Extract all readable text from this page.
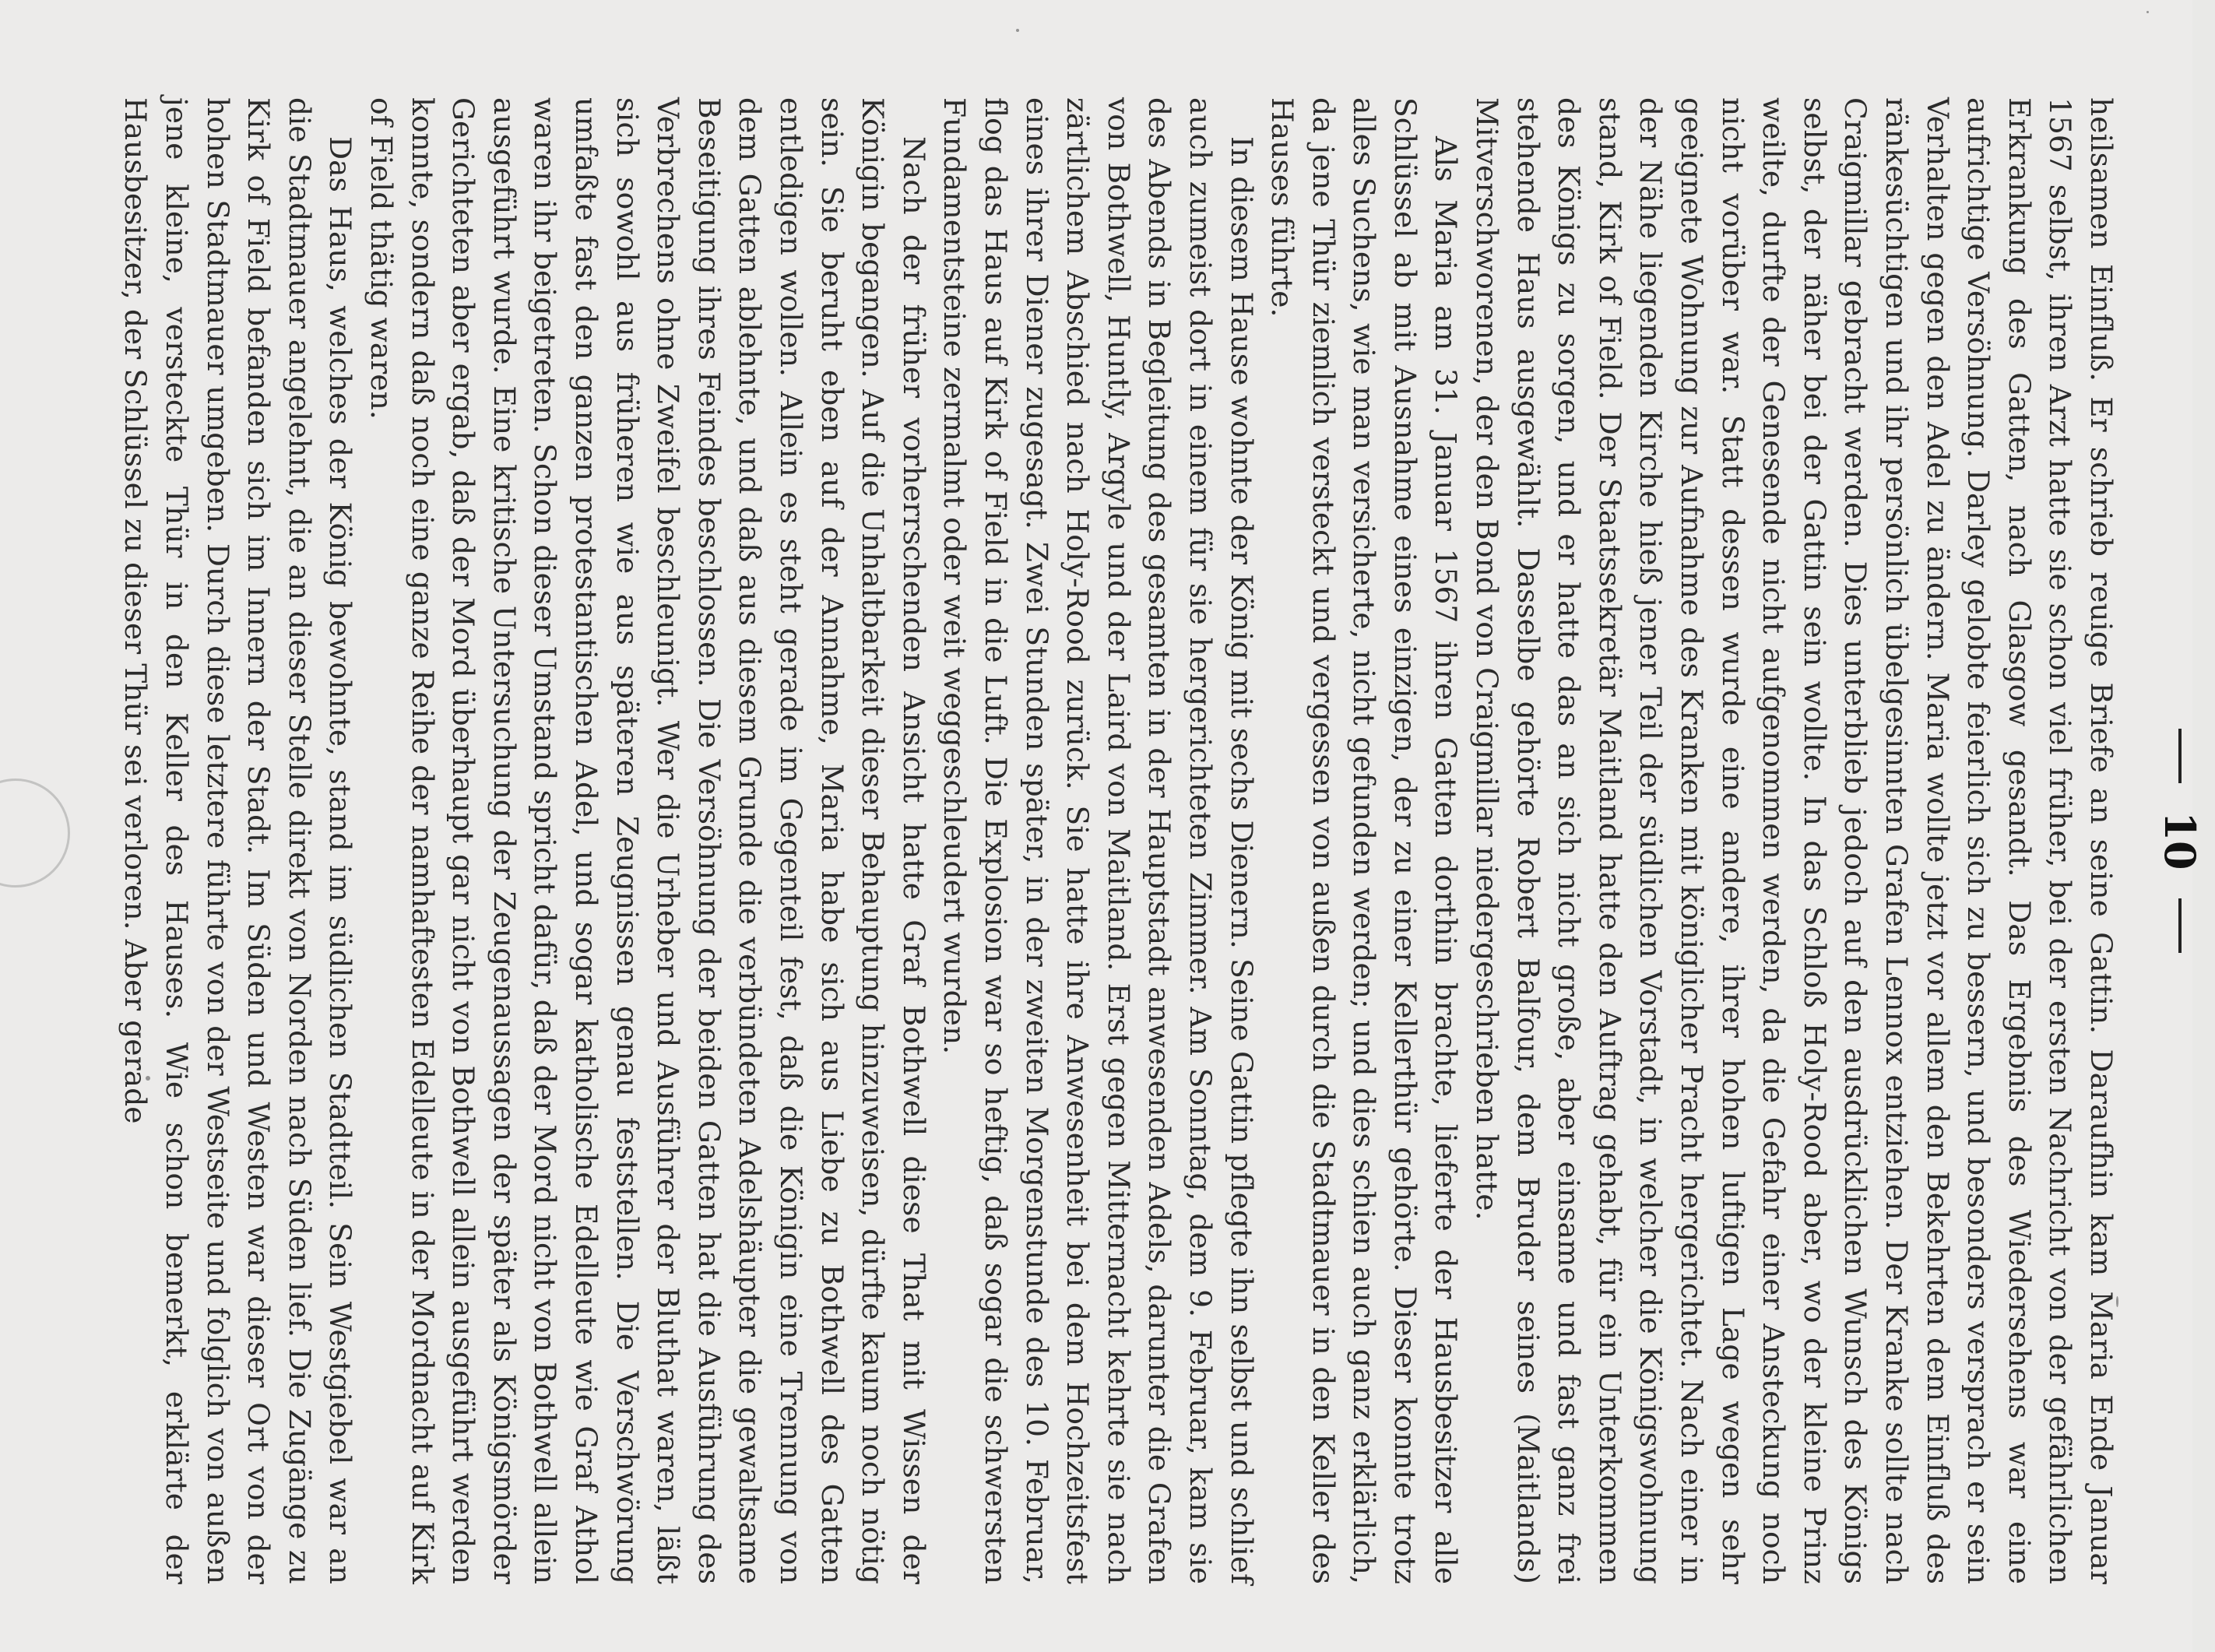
10

heilsamen Einfluß. Er schrieb reuige Briefe an seine Gattin. Daraufhin kam Maria Ende Januar 1567 selbst, ihren Arzt hatte sie schon viel früher, bei der ersten Nachricht von der gefährlichen Erkrankung des Gatten, nach Glasgow gesandt. Das Ergebnis des Wiedersehens war eine aufrichtige Versöhnung. Darley gelobte feierlich sich zu bessern, und besonders versprach er sein Verhalten gegen den Adel zu ändern. Maria wollte jetzt vor allem den Bekehrten dem Einfluß des ränkesüchtigen und ihr persönlich übelgesinnten Grafen Lennox entziehen. Der Kranke sollte nach Craigmillar gebracht werden. Dies unterblieb jedoch auf den ausdrücklichen Wunsch des Königs selbst, der näher bei der Gattin sein wollte. In das Schloß Holy-Rood aber, wo der kleine Prinz weilte, durfte der Genesende nicht aufgenommen werden, da die Gefahr einer Ansteckung noch nicht vorüber war. Statt dessen wurde eine andere, ihrer hohen luftigen Lage wegen sehr geeignete Wohnung zur Aufnahme des Kranken mit königlicher Pracht hergerichtet. Nach einer in der Nähe liegenden Kirche hieß jener Teil der südlichen Vorstadt, in welcher die Königswohnung stand, Kirk of Field. Der Staatssekretär Maitland hatte den Auftrag gehabt, für ein Unterkommen des Königs zu sorgen, und er hatte das an sich nicht große, aber einsame und fast ganz frei stehende Haus ausgewählt. Dasselbe gehörte Robert Balfour, dem Bruder seines (Maitlands) Mitverschworenen, der den Bond von Craigmillar niedergeschrieben hatte.

Als Maria am 31. Januar 1567 ihren Gatten dorthin brachte, lieferte der Hausbesitzer alle Schlüssel ab mit Ausnahme eines einzigen, der zu einer Kellerthür gehörte. Dieser konnte trotz alles Suchens, wie man versicherte, nicht gefunden werden; und dies schien auch ganz erklärlich, da jene Thür ziemlich versteckt und vergessen von außen durch die Stadtmauer in den Keller des Hauses führte.

In diesem Hause wohnte der König mit sechs Dienern. Seine Gattin pflegte ihn selbst und schlief auch zumeist dort in einem für sie hergerichteten Zimmer. Am Sonntag, dem 9. Februar, kam sie des Abends in Begleitung des gesamten in der Hauptstadt anwesenden Adels, darunter die Grafen von Bothwell, Huntly, Argyle und der Laird von Maitland. Erst gegen Mitternacht kehrte sie nach zärtlichem Abschied nach Holy-Rood zurück. Sie hatte ihre Anwesenheit bei dem Hochzeitsfest eines ihrer Diener zugesagt. Zwei Stunden später, in der zweiten Morgenstunde des 10. Februar, flog das Haus auf Kirk of Field in die Luft. Die Explosion war so heftig, daß sogar die schwersten Fundamentsteine zermalmt oder weit weggeschleudert wurden.

Nach der früher vorherrschenden Ansicht hatte Graf Bothwell diese That mit Wissen der Königin begangen. Auf die Unhaltbarkeit dieser Behauptung hinzuweisen, dürfte kaum noch nötig sein. Sie beruht eben auf der Annahme, Maria habe sich aus Liebe zu Bothwell des Gatten entledigen wollen. Allein es steht gerade im Gegenteil fest, daß die Königin eine Trennung von dem Gatten ablehnte, und daß aus diesem Grunde die verbündeten Adelshäupter die gewaltsame Beseitigung ihres Feindes beschlossen. Die Versöhnung der beiden Gatten hat die Ausführung des Verbrechens ohne Zweifel beschleunigt. Wer die Urheber und Ausführer der Bluthat waren, läßt sich sowohl aus früheren wie aus späteren Zeugnissen genau feststellen. Die Verschwörung umfaßte fast den ganzen protestantischen Adel, und sogar katholische Edelleute wie Graf Athol waren ihr beigetreten. Schon dieser Umstand spricht dafür, daß der Mord nicht von Bothwell allein ausgeführt wurde. Eine kritische Untersuchung der Zeugenaussagen der später als Königsmörder Gerichteten aber ergab, daß der Mord überhaupt gar nicht von Bothwell allein ausgeführt werden konnte, sondern daß noch eine ganze Reihe der namhaftesten Edelleute in der Mordnacht auf Kirk of Field thätig waren.

Das Haus, welches der König bewohnte, stand im südlichen Stadtteil. Sein Westgiebel war an die Stadtmauer angelehnt, die an dieser Stelle direkt von Norden nach Süden lief. Die Zugänge zu Kirk of Field befanden sich im Innern der Stadt. Im Süden und Westen war dieser Ort von der hohen Stadtmauer umgeben. Durch diese letztere führte von der Westseite und folglich von außen jene kleine, versteckte Thür in den Keller des Hauses. Wie schon bemerkt, erklärte der Hausbesitzer, der Schlüssel zu dieser Thür sei verloren. Aber gerade
